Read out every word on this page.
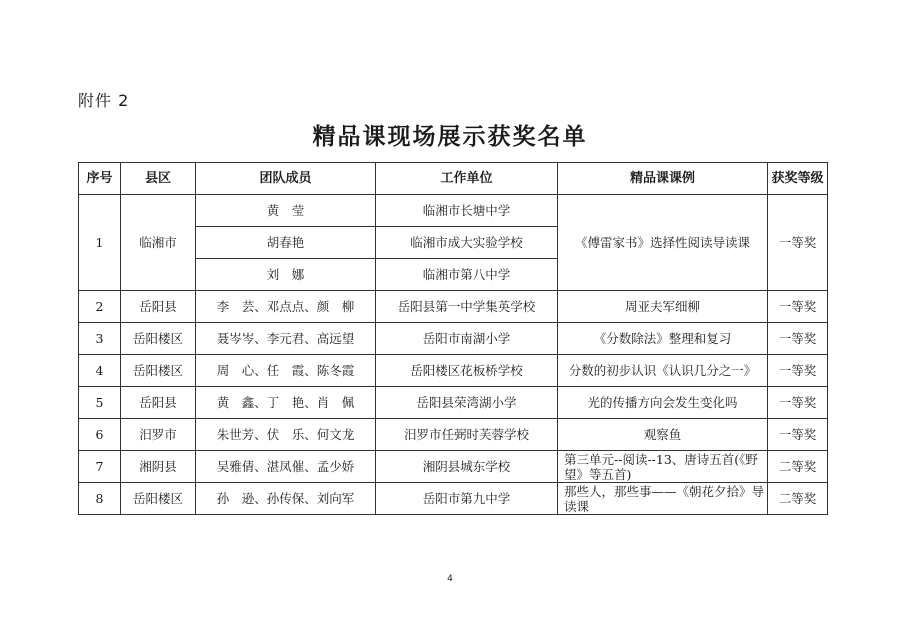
附件 2
精品课现场展示获奖名单
序号	县区	团队成员	工作单位	精品课课例	获奖等级
1	临湘市	黄　莹	临湘市长塘中学	《傅雷家书》选择性阅读导读课	一等奖
		胡春艳	临湘市成大实验学校		
		刘　娜	临湘市第八中学		
2	岳阳县	李　芸、邓点点、颜　柳	岳阳县第一中学集英学校	周亚夫军细柳	一等奖
3	岳阳楼区	聂岑岑、李元君、高远望	岳阳市南湖小学	《分数除法》整理和复习	一等奖
4	岳阳楼区	周　心、任　霞、陈冬霞	岳阳楼区花板桥学校	分数的初步认识《认识几分之一》	一等奖
5	岳阳县	黄　鑫、丁　艳、肖　佩	岳阳县荣湾湖小学	光的传播方向会发生变化吗	一等奖
6	汨罗市	朱世芳、伏　乐、何文龙	汨罗市任弼时芙蓉学校	观察鱼	一等奖
7	湘阴县	吴雅倩、湛凤催、孟少娇	湘阴县城东学校	第三单元--阅读--13、唐诗五首(《野望》等五首)	二等奖
8	岳阳楼区	孙　逊、孙传保、刘向军	岳阳市第九中学	那些人，那些事——《朝花夕拾》导读课	二等奖
4
